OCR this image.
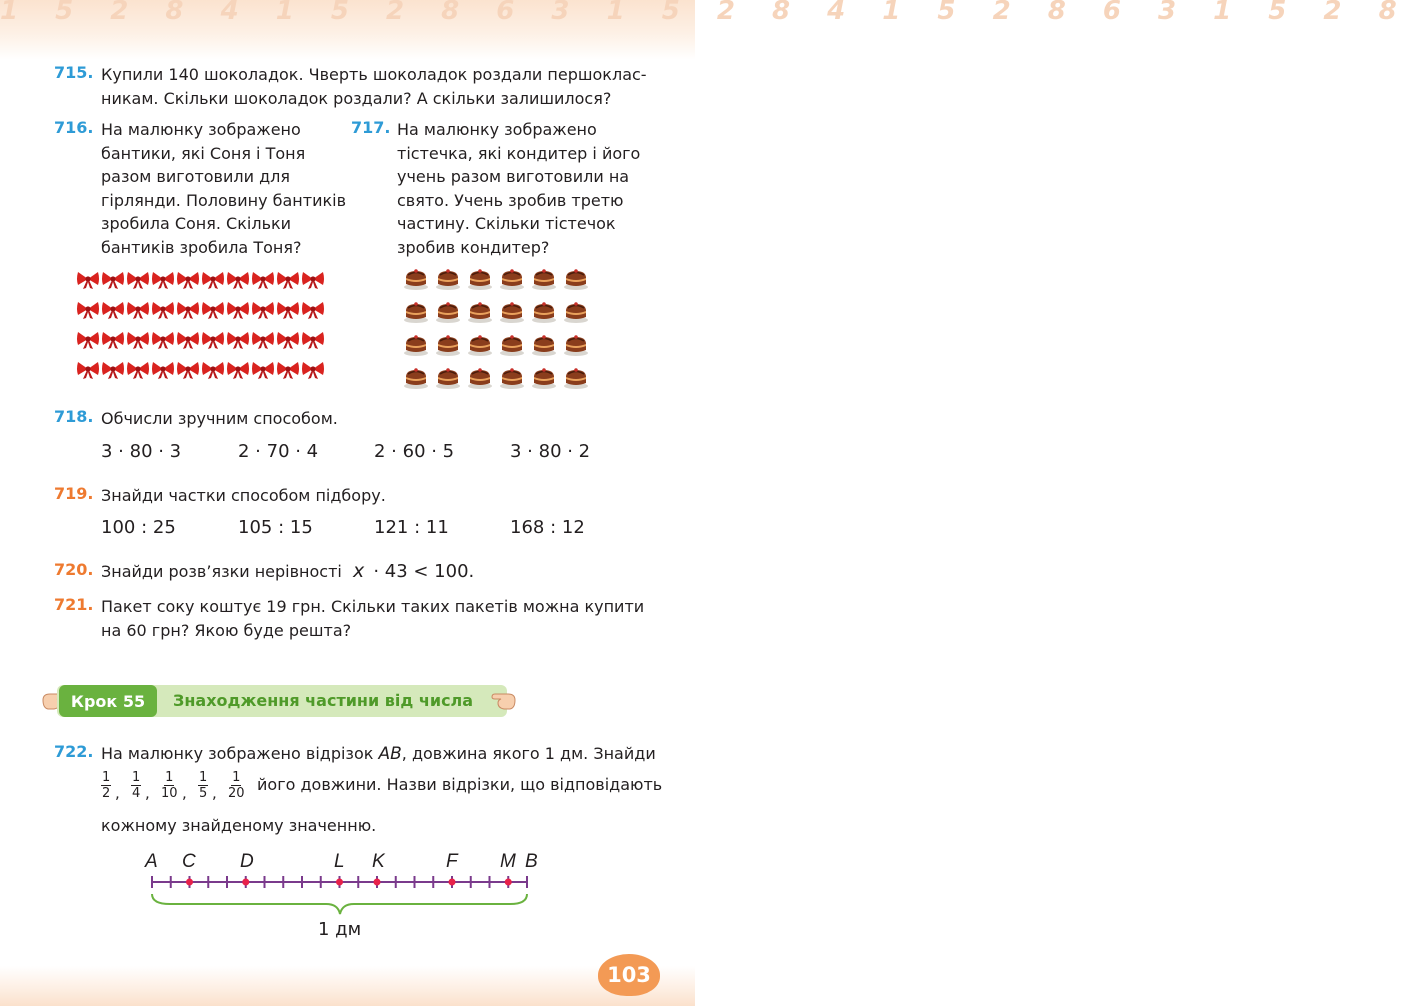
1 5 2 8 4 1 5 2 8 6 3 1 5 2 8 4 1 5 2 8 6 3 1 5 2 8
715. Купили 140 шоколадок. Чверть шоколадок роздали першоклас-
никам. Скільки шоколадок роздали? А скільки залишилося?
716. На малюнку зображено
бантики, які Соня і Тоня
разом виготовили для
гірлянди. Половину бантиків
зробила Соня. Скільки
бантиків зробила Тоня?
717. На малюнку зображено
тістечка, які кондитер і його
учень разом виготовили на
свято. Учень зробив третю
частину. Скільки тістечок
зробив кондитер?
718. Обчисли зручним способом.
3 · 80 · 3	2 · 70 · 4	2 · 60 · 5	3 · 80 · 2
719. Знайди частки способом підбору.
100 : 25	105 : 15	121 : 11	168 : 12
720. Знайди розв’язки нерівності x · 43 < 100.
721. Пакет соку коштує 19 грн. Скільки таких пакетів можна купити
на 60 грн? Якою буде решта?
Крок 55	Знаходження частини від числа
722. На малюнку зображено відрізок AB, довжина якого 1 дм. Знайди
$\frac{1}{2}$ , $\frac{1}{4}$ , $\frac{1}{10}$ , $\frac{1}{5}$ , $\frac{1}{20}$ його довжини. Назви відрізки, що відповідають
кожному знайденому значенню.
A C D	L K	F M B
1 дм
103
